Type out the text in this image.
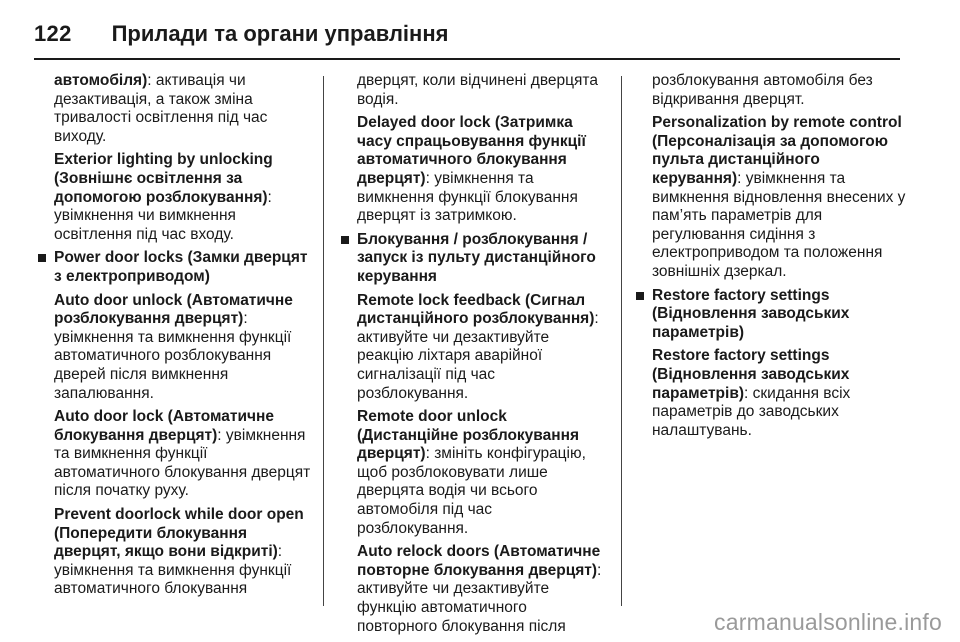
122 Прилади та органи управління

автомобіля): активація чи дезактивація, а також зміна тривалості освітлення під час виходу.

Exterior lighting by unlocking (Зовнішнє освітлення за допомогою розблокування): увімкнення чи вимкнення освітлення під час входу.

Power door locks (Замки дверцят з електроприводом)

Auto door unlock (Автоматичне розблокування дверцят): увімкнення та вимкнення функції автоматичного розблокування дверей після вимкнення запалювання.

Auto door lock (Автоматичне блокування дверцят): увімкнення та вимкнення функції автоматичного блокування дверцят після початку руху.

Prevent doorlock while door open (Попередити блокування дверцят, якщо вони відкриті): увімкнення та вимкнення функції автоматичного блокування

дверцят, коли відчинені дверцята водія.

Delayed door lock (Затримка часу спрацьовування функції автоматичного блокування дверцят): увімкнення та вимкнення функції блокування дверцят із затримкою.

Блокування / розблокування / запуск із пульту дистанційного керування

Remote lock feedback (Сигнал дистанційного розблокування): активуйте чи дезактивуйте реакцію ліхтаря аварійної сигналізації під час розблокування.

Remote door unlock (Дистанційне розблокування дверцят): змініть конфігурацію, щоб розблоковувати лише дверцята водія чи всього автомобіля під час розблокування.

Auto relock doors (Автоматичне повторне блокування дверцят): активуйте чи дезактивуйте функцію автоматичного повторного блокування після

розблокування автомобіля без відкривання дверцят.

Personalization by remote control (Персоналізація за допомогою пульта дистанційного керування): увімкнення та вимкнення відновлення внесених у пам’ять параметрів для регулювання сидіння з електроприводом та положення зовнішніх дзеркал.

Restore factory settings (Відновлення заводських параметрів)

Restore factory settings (Відновлення заводських параметрів): скидання всіх параметрів до заводських налаштувань.

carmanualsonline.info
